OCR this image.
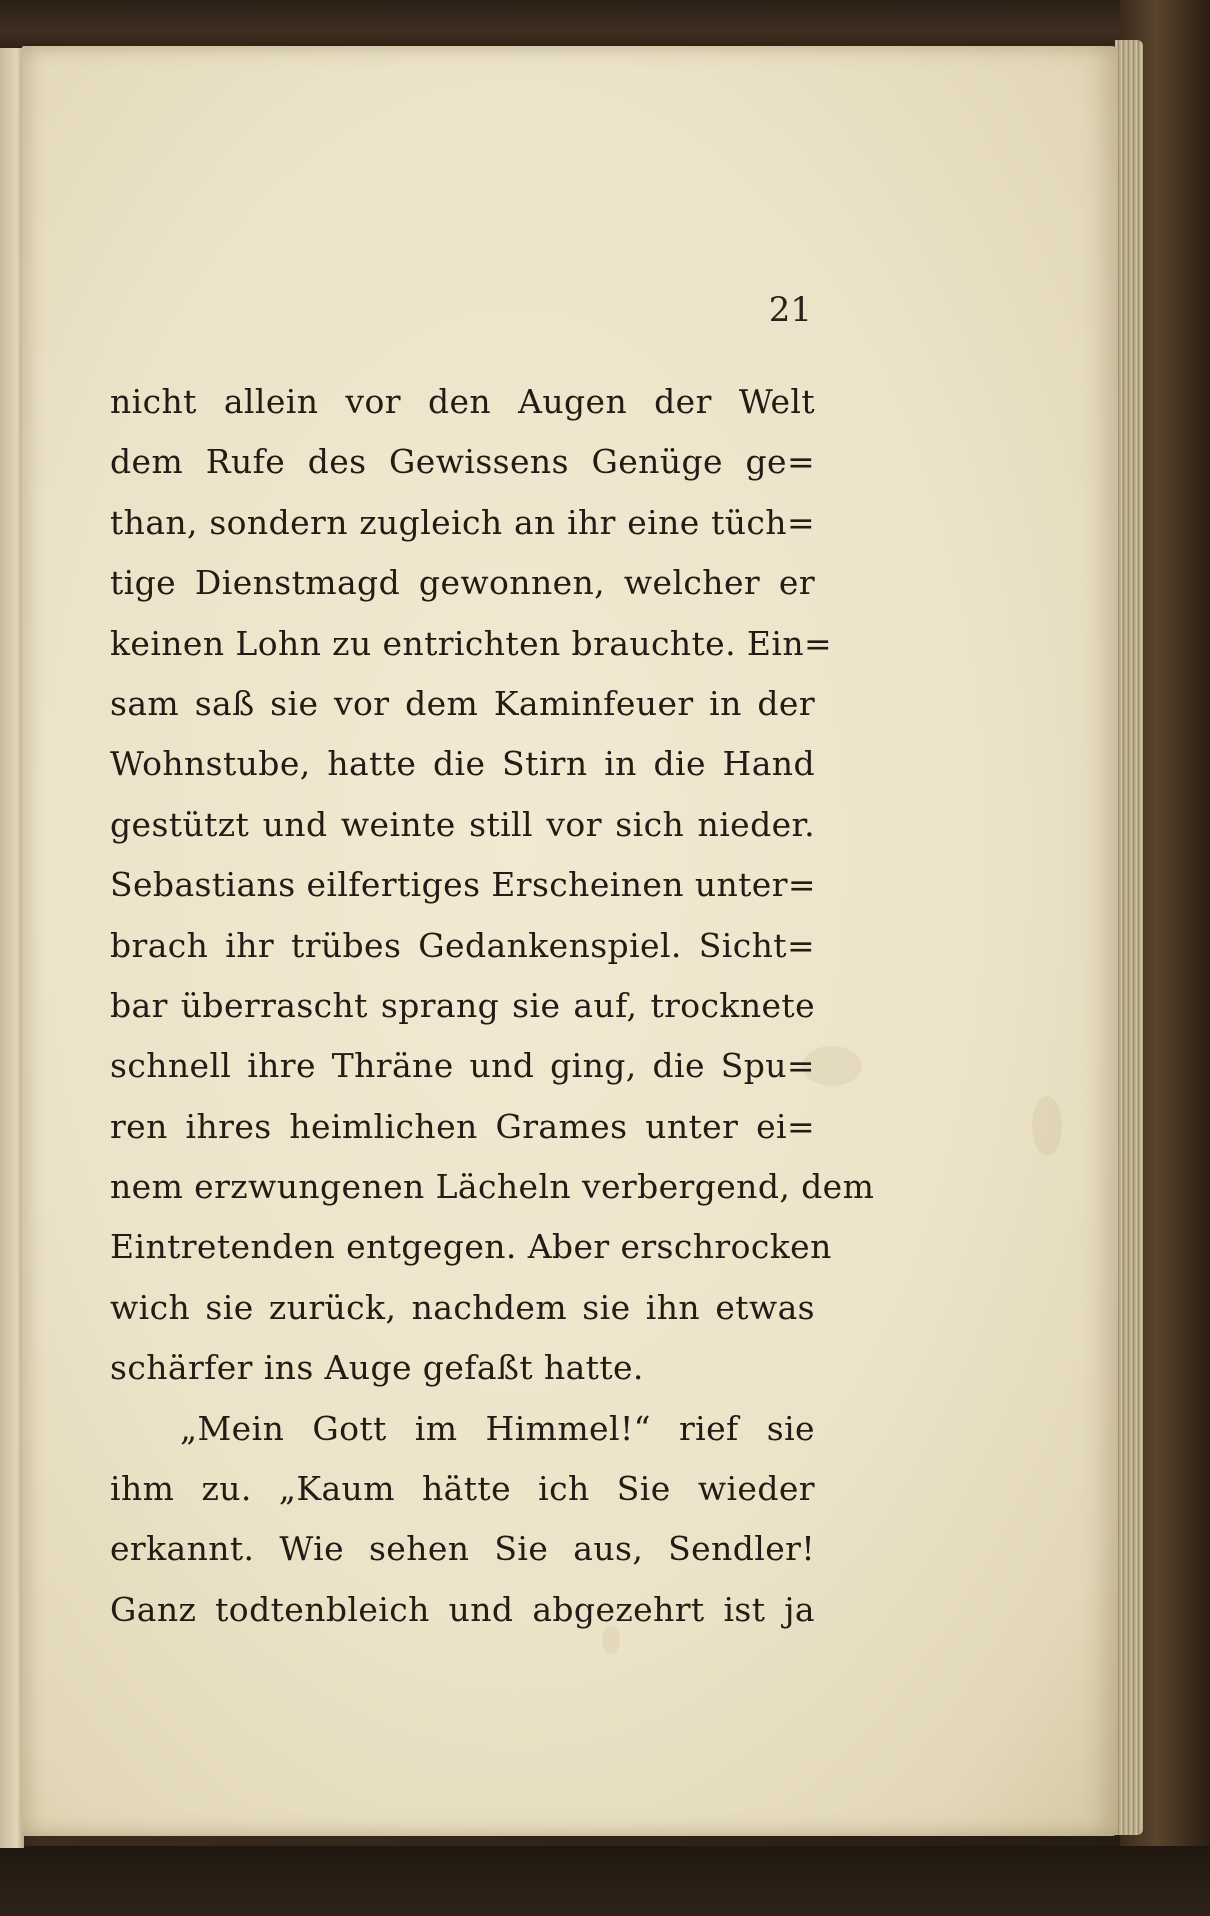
21
nicht allein vor den Augen der Welt
dem Rufe des Gewissens Genüge ge=
than, sondern zugleich an ihr eine tüch=
tige Dienstmagd gewonnen, welcher er
keinen Lohn zu entrichten brauchte. Ein=
sam saß sie vor dem Kaminfeuer in der
Wohnstube, hatte die Stirn in die Hand
gestützt und weinte still vor sich nieder.
Sebastians eilfertiges Erscheinen unter=
brach ihr trübes Gedankenspiel. Sicht=
bar überrascht sprang sie auf, trocknete
schnell ihre Thräne und ging, die Spu=
ren ihres heimlichen Grames unter ei=
nem erzwungenen Lächeln verbergend, dem
Eintretenden entgegen. Aber erschrocken
wich sie zurück, nachdem sie ihn etwas
schärfer ins Auge gefaßt hatte.
„Mein Gott im Himmel!“ rief sie
ihm zu. „Kaum hätte ich Sie wieder
erkannt. Wie sehen Sie aus, Sendler!
Ganz todtenbleich und abgezehrt ist ja
